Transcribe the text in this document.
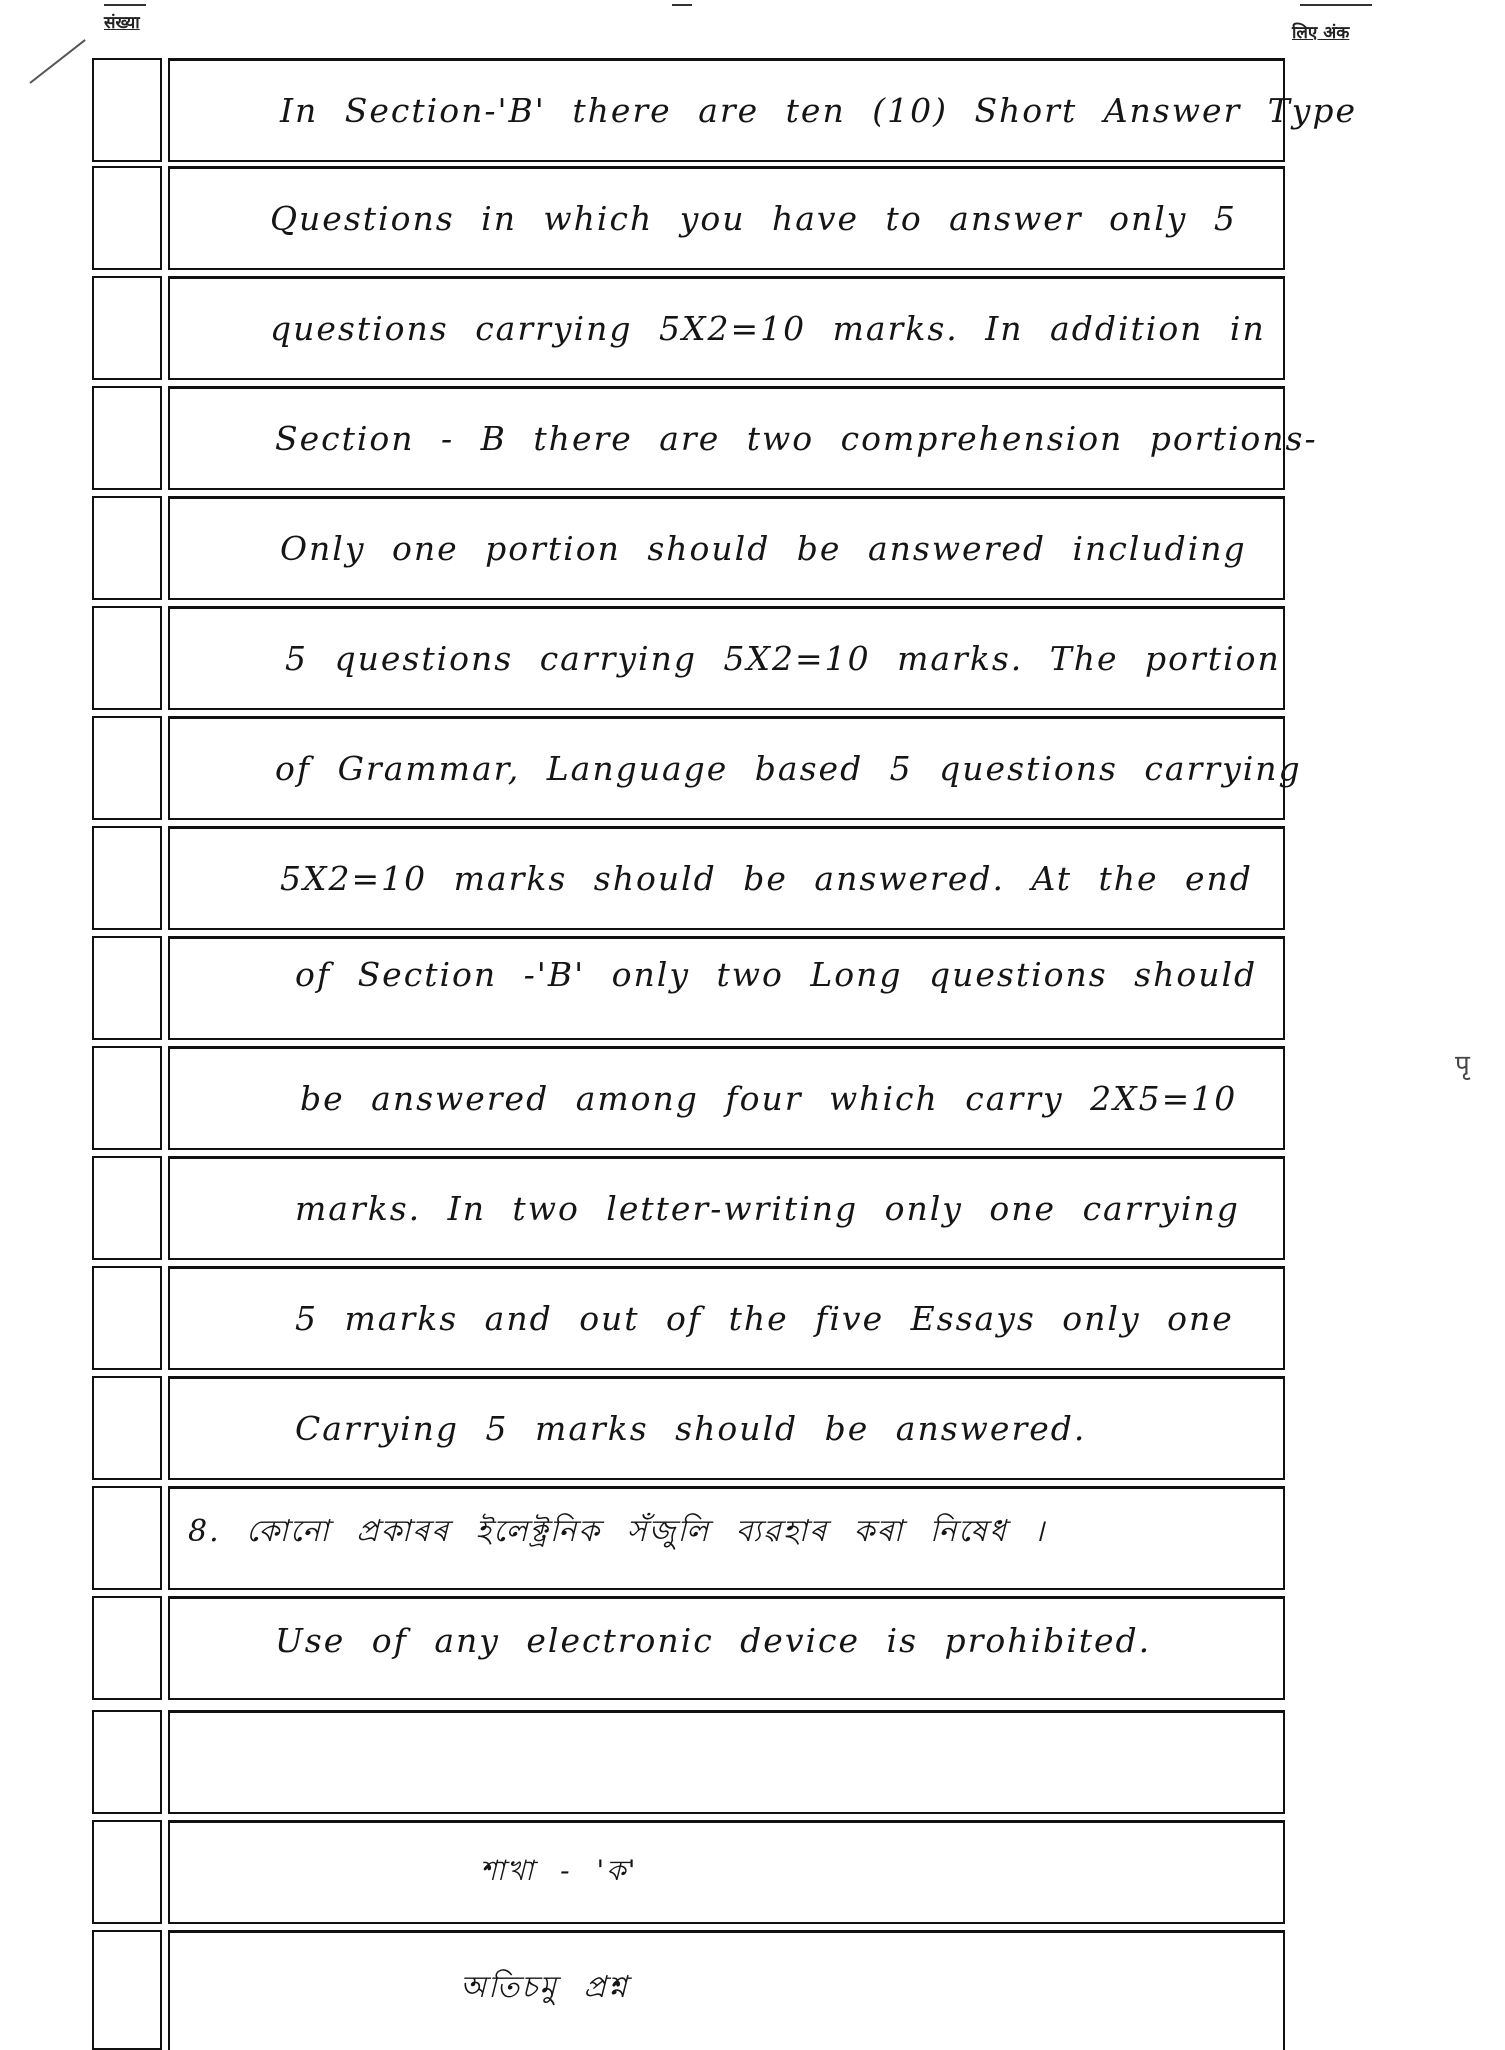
संख्या	लिए अंक
पृ
In Section-'B' there are ten (10) Short Answer Type
Questions in which you have to answer only 5
questions carrying 5X2=10 marks. In addition in
Section - B there are two comprehension portions-
Only one portion should be answered including
5 questions carrying 5X2=10 marks. The portion
of Grammar, Language based 5 questions carrying
5X2=10 marks should be answered. At the end
of Section -'B' only two Long questions should
be answered among four which carry 2X5=10
marks. In two letter-writing only one carrying
5 marks and out of the five Essays only one
Carrying 5 marks should be answered.
8. কোনো প্ৰকাৰৰ ইলেক্ট্ৰনিক সঁজুলি ব্যৱহাৰ কৰা নিষেধ ।
Use of any electronic device is prohibited.
শাখা - 'ক'
অতিচমু প্ৰশ্ন
